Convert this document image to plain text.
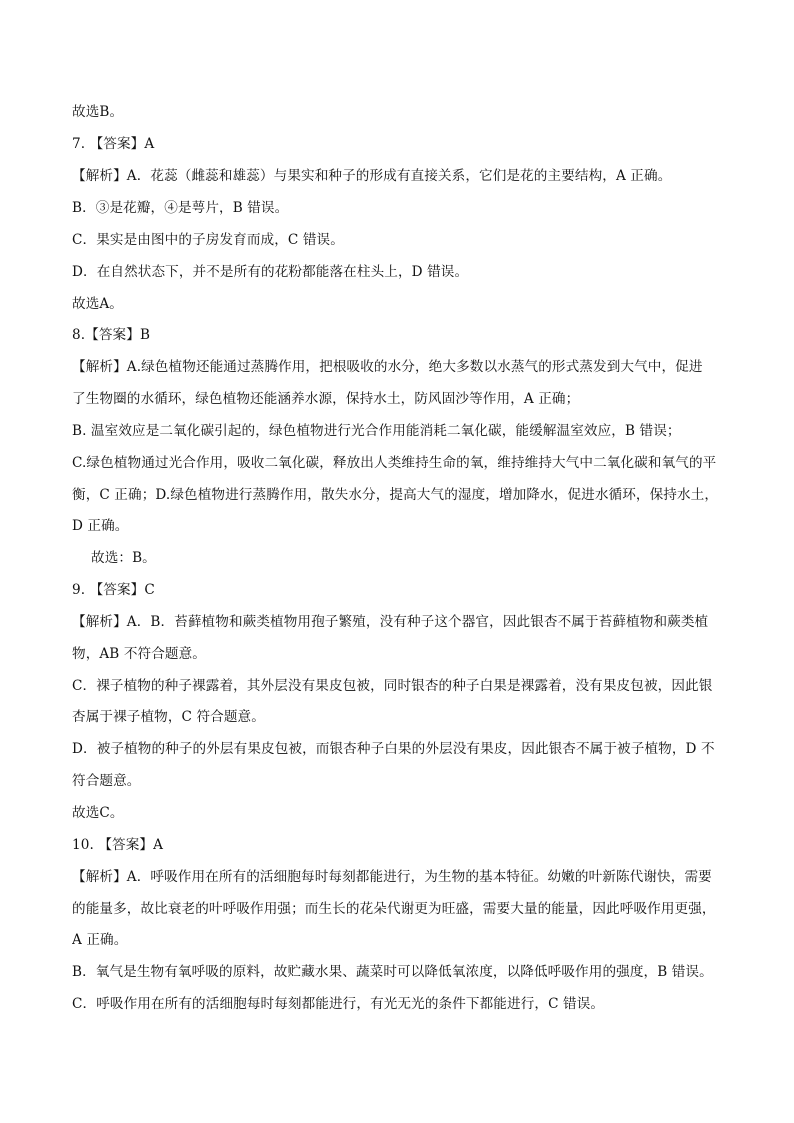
故选B。
7. 【答案】A
【解析】A．花蕊（雌蕊和雄蕊）与果实和种子的形成有直接关系，它们是花的主要结构，A 正确。
B．③是花瓣，④是萼片，B 错误。
C．果实是由图中的子房发育而成，C 错误。
D．在自然状态下，并不是所有的花粉都能落在柱头上，D 错误。
故选A。
8.【答案】B
【解析】A.绿色植物还能通过蒸腾作用，把根吸收的水分，绝大多数以水蒸气的形式蒸发到大气中，促进
了生物圈的水循环，绿色植物还能涵养水源，保持水土，防风固沙等作用，A 正确；
B. 温室效应是二氧化碳引起的，绿色植物进行光合作用能消耗二氧化碳，能缓解温室效应，B 错误；
C.绿色植物通过光合作用，吸收二氧化碳，释放出人类维持生命的氧，维持维持大气中二氧化碳和氧气的平
衡，C 正确；D.绿色植物进行蒸腾作用，散失水分，提高大气的湿度，增加降水，促进水循环，保持水土，
D 正确。
故选：B。
9. 【答案】C
【解析】A．B．苔藓植物和蕨类植物用孢子繁殖，没有种子这个器官，因此银杏不属于苔藓植物和蕨类植
物，AB 不符合题意。
C．裸子植物的种子裸露着，其外层没有果皮包被，同时银杏的种子白果是裸露着，没有果皮包被，因此银
杏属于裸子植物，C 符合题意。
D．被子植物的种子的外层有果皮包被，而银杏种子白果的外层没有果皮，因此银杏不属于被子植物，D 不
符合题意。
故选C。
10. 【答案】A
【解析】A．呼吸作用在所有的活细胞每时每刻都能进行，为生物的基本特征。幼嫩的叶新陈代谢快，需要
的能量多，故比衰老的叶呼吸作用强；而生长的花朵代谢更为旺盛，需要大量的能量，因此呼吸作用更强，
A 正确。
B．氧气是生物有氧呼吸的原料，故贮藏水果、蔬菜时可以降低氧浓度，以降低呼吸作用的强度，B 错误。
C．呼吸作用在所有的活细胞每时每刻都能进行，有光无光的条件下都能进行，C 错误。
